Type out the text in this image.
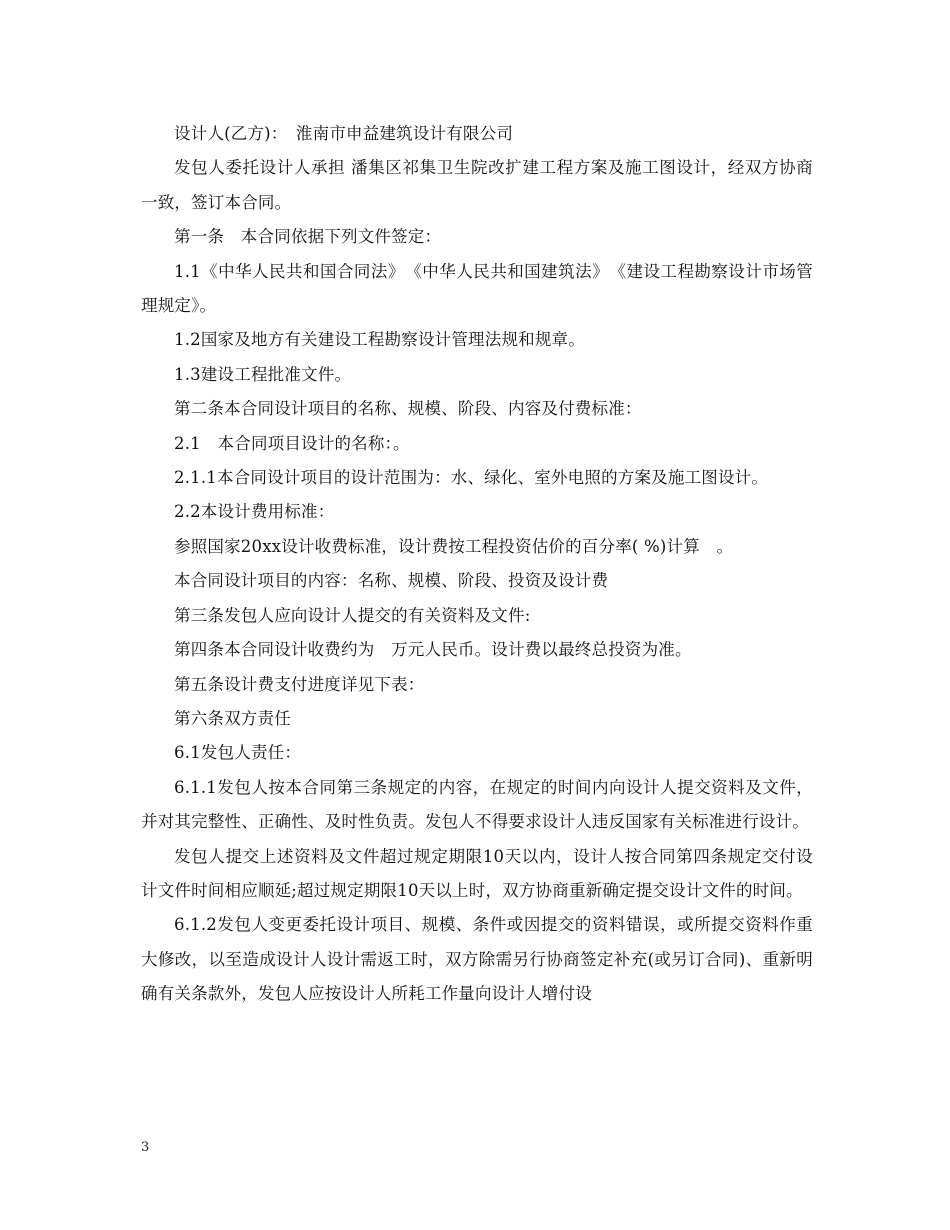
设计人(乙方)：　淮南市申益建筑设计有限公司

发包人委托设计人承担 潘集区祁集卫生院改扩建工程方案及施工图设计，经双方协商一致，签订本合同。

第一条　本合同依据下列文件签定：

1.1《中华人民共和国合同法》　《中华人民共和国建筑法》　《建设工程勘察设计市场管理规定》。

1.2国家及地方有关建设工程勘察设计管理法规和规章。

1.3建设工程批准文件。

第二条本合同设计项目的名称、规模、阶段、内容及付费标准：

2.1　本合同项目设计的名称：。

2.1.1本合同设计项目的设计范围为：水、绿化、室外电照的方案及施工图设计。

2.2本设计费用标准：

参照国家20xx设计收费标准，设计费按工程投资估价的百分率( %)计算　。

本合同设计项目的内容：名称、规模、阶段、投资及设计费

第三条发包人应向设计人提交的有关资料及文件:

第四条本合同设计收费约为　万元人民币。设计费以最终总投资为准。

第五条设计费支付进度详见下表：

第六条双方责任

6.1发包人责任：

6.1.1发包人按本合同第三条规定的内容，在规定的时间内向设计人提交资料及文件，并对其完整性、正确性、及时性负责。发包人不得要求设计人违反国家有关标准进行设计。

发包人提交上述资料及文件超过规定期限10天以内，设计人按合同第四条规定交付设计文件时间相应顺延;超过规定期限10天以上时，双方协商重新确定提交设计文件的时间。

6.1.2发包人变更委托设计项目、规模、条件或因提交的资料错误，或所提交资料作重大修改，以至造成设计人设计需返工时，双方除需另行协商签定补充(或另订合同)、重新明确有关条款外，发包人应按设计人所耗工作量向设计人增付设

3
